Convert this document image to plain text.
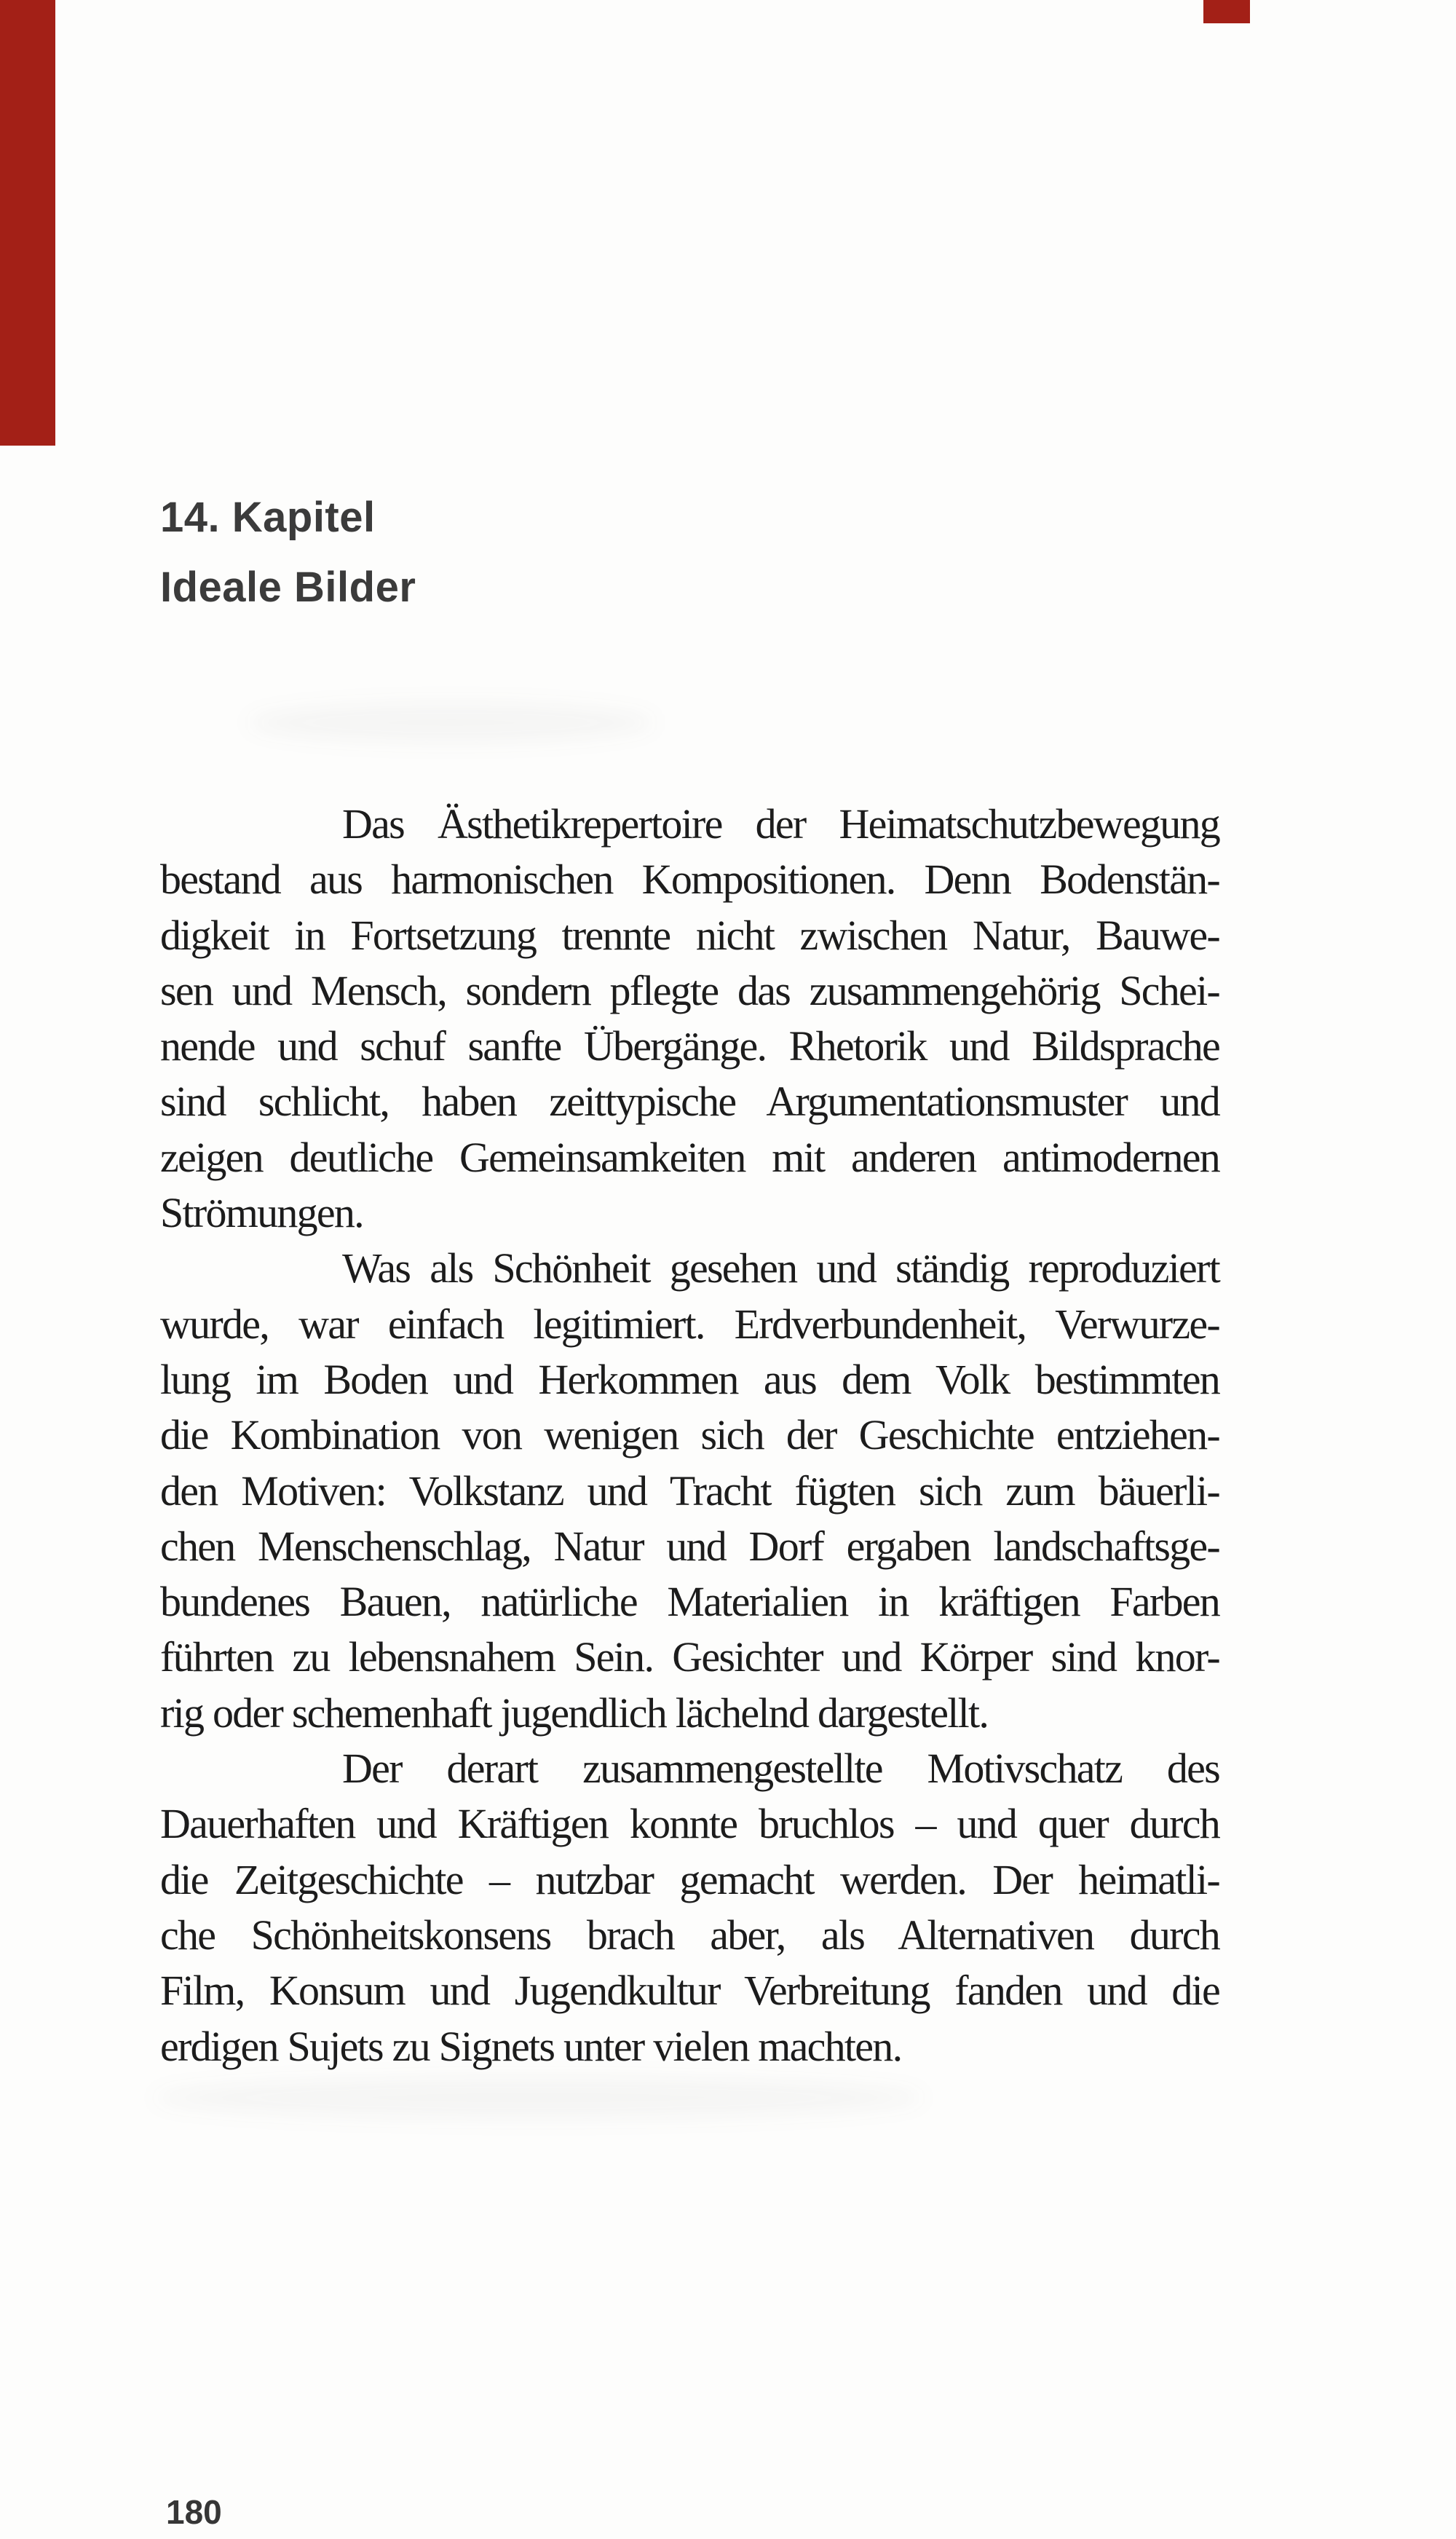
14. Kapitel
Ideale Bilder
Das Ästhetikrepertoire der Heimatschutzbewegung
bestand aus harmonischen Kompositionen. Denn Bodenstän-
digkeit in Fortsetzung trennte nicht zwischen Natur, Bauwe-
sen und Mensch, sondern pflegte das zusammengehörig Schei-
nende und schuf sanfte Übergänge. Rhetorik und Bildsprache
sind schlicht, haben zeittypische Argumentationsmuster und
zeigen deutliche Gemeinsamkeiten mit anderen antimodernen
Strömungen.
Was als Schönheit gesehen und ständig reproduziert
wurde, war einfach legitimiert. Erdverbundenheit, Verwurze-
lung im Boden und Herkommen aus dem Volk bestimmten
die Kombination von wenigen sich der Geschichte entziehen-
den Motiven: Volkstanz und Tracht fügten sich zum bäuerli-
chen Menschenschlag, Natur und Dorf ergaben landschaftsge-
bundenes Bauen, natürliche Materialien in kräftigen Farben
führten zu lebensnahem Sein. Gesichter und Körper sind knor-
rig oder schemenhaft jugendlich lächelnd dargestellt.
Der derart zusammengestellte Motivschatz des
Dauerhaften und Kräftigen konnte bruchlos – und quer durch
die Zeitgeschichte – nutzbar gemacht werden. Der heimatli-
che Schönheitskonsens brach aber, als Alternativen durch
Film, Konsum und Jugendkultur Verbreitung fanden und die
erdigen Sujets zu Signets unter vielen machten.
180
